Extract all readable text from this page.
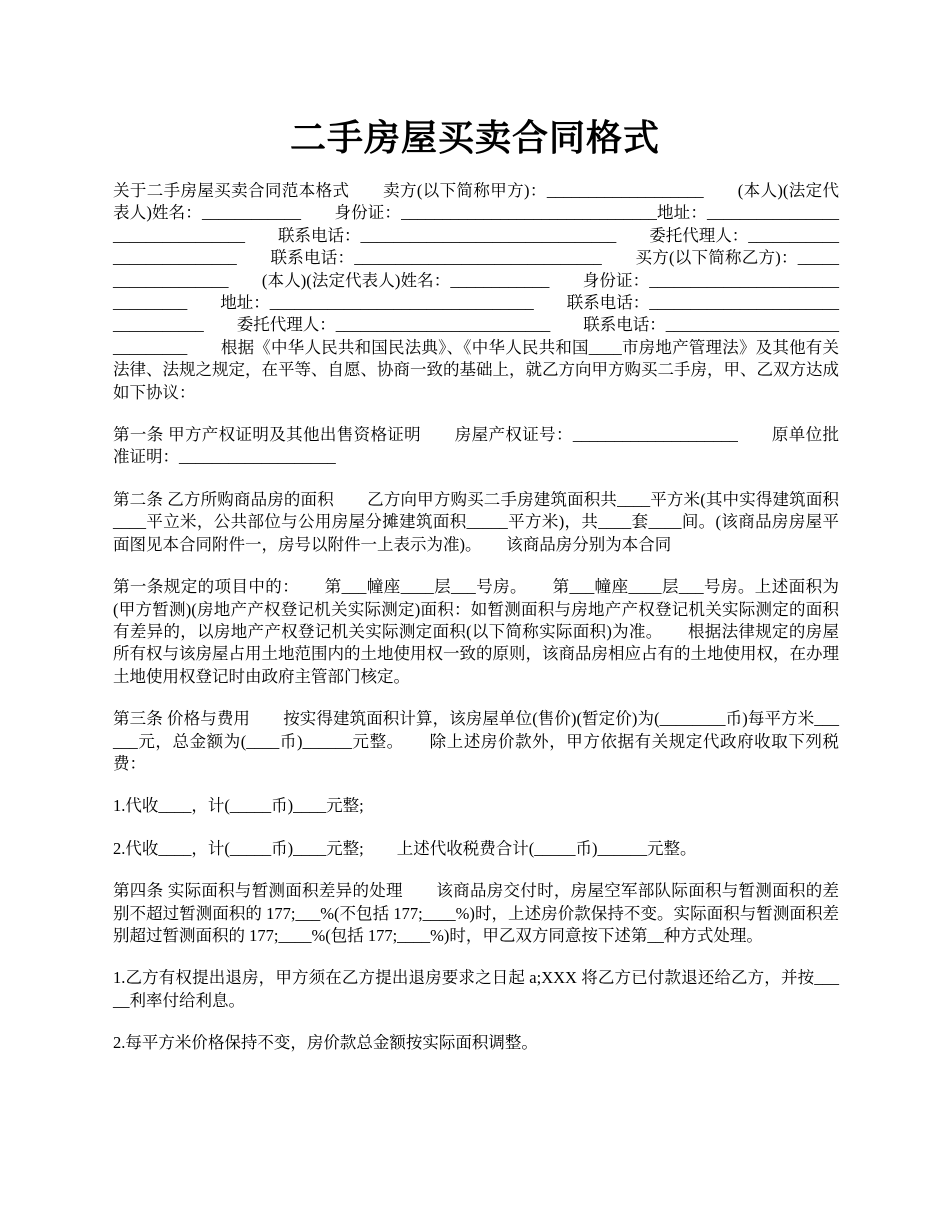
二手房屋买卖合同格式

关于二手房屋买卖合同范本格式　　卖方(以下简称甲方)：___________________　　(本人)(法定代表人)姓名：____________　　身份证：_______________________________地址：________________________________　　联系电话：_______________________________　　委托代理人：__________________________　　联系电话：______________________________　　买方(以下简称乙方)：___________________　　(本人)(法定代表人)姓名：____________　　身份证：________________________________　　地址：________________________________　　联系电话：__________________________________　　委托代理人：__________________________　　联系电话：______________________________　　根据《中华人民共和国民法典》、《中华人民共和国____市房地产管理法》及其他有关法律、法规之规定，在平等、自愿、协商一致的基础上，就乙方向甲方购买二手房，甲、乙双方达成如下协议：

第一条 甲方产权证明及其他出售资格证明　　房屋产权证号：____________________　　原单位批准证明：___________________

第二条 乙方所购商品房的面积　　乙方向甲方购买二手房建筑面积共____平方米(其中实得建筑面积____平立米，公共部位与公用房屋分摊建筑面积_____平方米)，共____套____间。(该商品房房屋平面图见本合同附件一，房号以附件一上表示为准)。　　该商品房分别为本合同

第一条规定的项目中的：　　第___幢座____层___号房。　　第___幢座____层___号房。上述面积为(甲方暂测)(房地产产权登记机关实际测定)面积：如暂测面积与房地产产权登记机关实际测定的面积有差异的，以房地产产权登记机关实际测定面积(以下简称实际面积)为准。　　根据法律规定的房屋所有权与该房屋占用土地范围内的土地使用权一致的原则，该商品房相应占有的土地使用权，在办理土地使用权登记时由政府主管部门核定。

第三条 价格与费用　　按实得建筑面积计算，该房屋单位(售价)(暂定价)为(________币)每平方米______元，总金额为(____币)______元整。　　除上述房价款外，甲方依据有关规定代政府收取下列税费：

1.代收____，计(_____币)____元整;

2.代收____，计(_____币)____元整;　　上述代收税费合计(_____币)______元整。

第四条 实际面积与暂测面积差异的处理　　该商品房交付时，房屋空军部队际面积与暂测面积的差别不超过暂测面积的 177;___%(不包括 177;____%)时，上述房价款保持不变。实际面积与暂测面积差别超过暂测面积的 177;____%(包括 177;____%)时，甲乙双方同意按下述第__种方式处理。

1.乙方有权提出退房，甲方须在乙方提出退房要求之日起 a;XXX 将乙方已付款退还给乙方，并按_____利率付给利息。

2.每平方米价格保持不变，房价款总金额按实际面积调整。
